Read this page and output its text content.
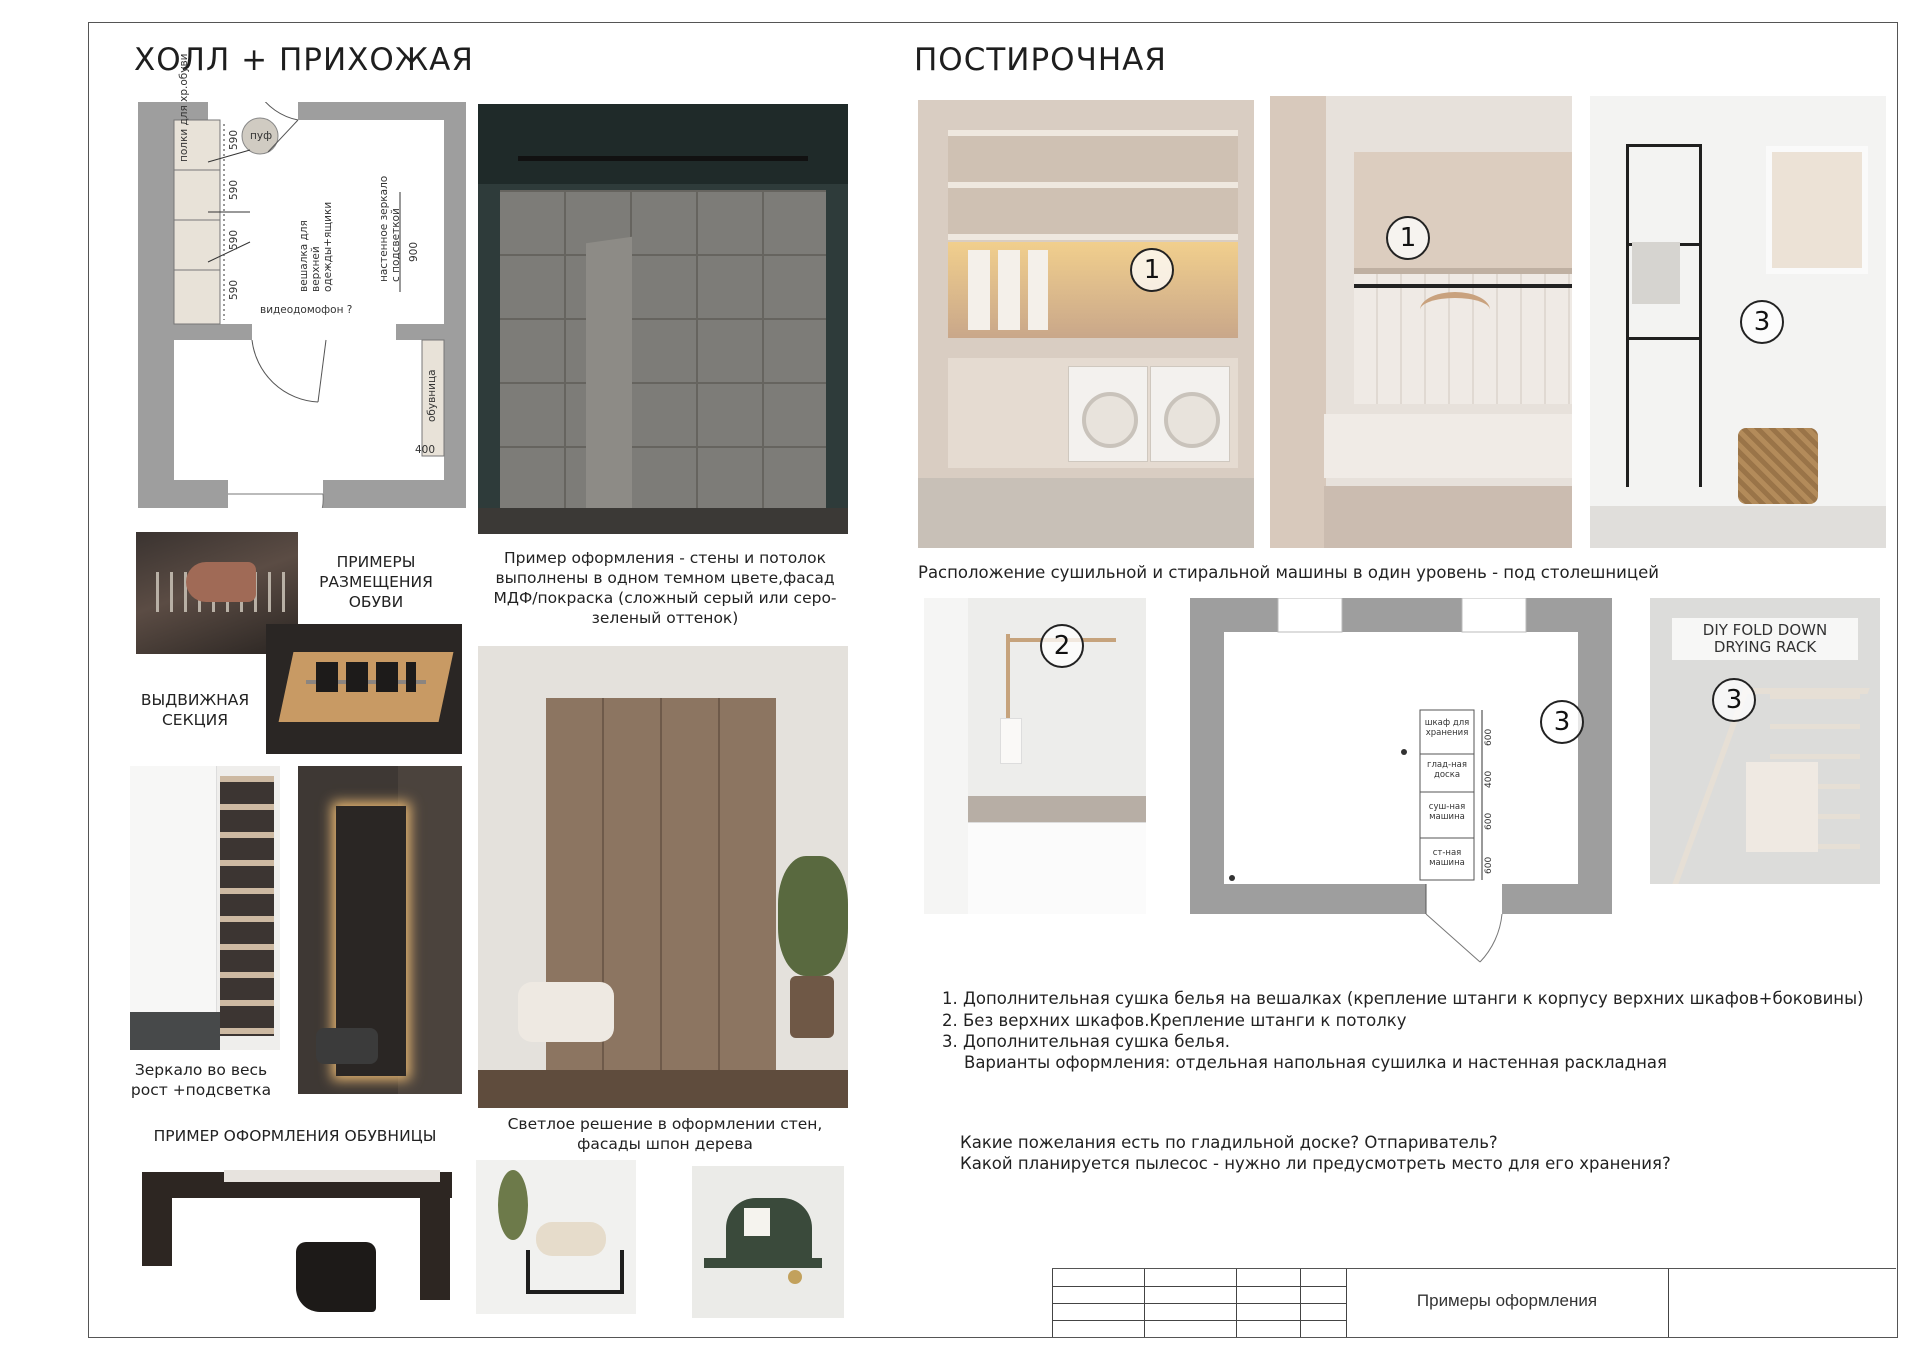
ХОЛЛ + ПРИХОЖАЯ
полки для хр.обуви	пуф
590
590
590
590	вешалка для верхней одежды+ящики	настенное зеркало с подсветкой 900
видеодомофон ?
обувница
400
Пример оформления - стены и потолок выполнены в одном темном цвете,фасад МДФ/покраска (сложный серый или серо-зеленый оттенок)
ПРИМЕРЫ РАЗМЕЩЕНИЯ ОБУВИ
ВЫДВИЖНАЯ СЕКЦИЯ
Зеркало во весь рост +подсветка
Светлое решение в оформлении стен, фасады шпон дерева
ПРИМЕР ОФОРМЛЕНИЯ ОБУВНИЦЫ
ПОСТИРОЧНАЯ
1
1
3
Расположение сушильной и стиральной машины в один уровень - под столешницей
2
шкаф для хранения	600
глад-ная доска	400
суш-ная машина	600
ст-ная машина	600
3
DIY FOLD DOWN DRYING RACK
3
1. Дополнительная сушка белья на вешалках (крепление штанги к корпусу верхних шкафов+боковины)
2. Без верхних шкафов.Крепление штанги к потолку
3. Дополнительная сушка белья.
Варианты оформления: отдельная напольная сушилка и настенная раскладная
Какие пожелания есть по гладильной доске? Отпариватель?
Какой планируется пылесос - нужно ли предусмотреть место для его хранения?
Примеры оформления
